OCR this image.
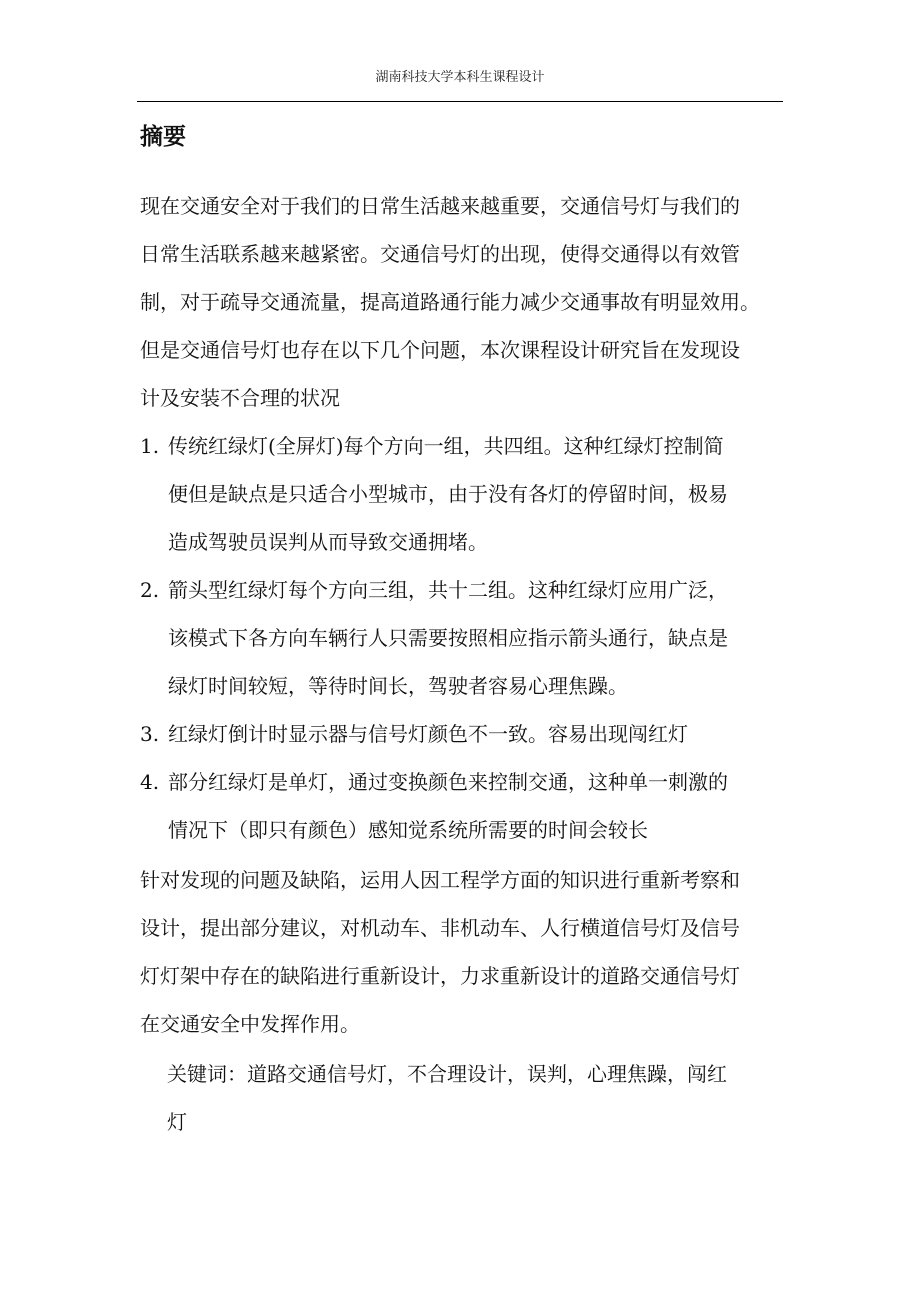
湖南科技大学本科生课程设计
摘要
现在交通安全对于我们的日常生活越来越重要，交通信号灯与我们的
日常生活联系越来越紧密。交通信号灯的出现，使得交通得以有效管
制，对于疏导交通流量，提高道路通行能力减少交通事故有明显效用。
但是交通信号灯也存在以下几个问题，本次课程设计研究旨在发现设
计及安装不合理的状况
1. 传统红绿灯(全屏灯)每个方向一组，共四组。这种红绿灯控制简
便但是缺点是只适合小型城市，由于没有各灯的停留时间，极易
造成驾驶员误判从而导致交通拥堵。
2. 箭头型红绿灯每个方向三组，共十二组。这种红绿灯应用广泛，
该模式下各方向车辆行人只需要按照相应指示箭头通行，缺点是
绿灯时间较短，等待时间长，驾驶者容易心理焦躁。
3. 红绿灯倒计时显示器与信号灯颜色不一致。容易出现闯红灯
4. 部分红绿灯是单灯，通过变换颜色来控制交通，这种单一刺激的
情况下（即只有颜色）感知觉系统所需要的时间会较长
针对发现的问题及缺陷，运用人因工程学方面的知识进行重新考察和
设计，提出部分建议，对机动车、非机动车、人行横道信号灯及信号
灯灯架中存在的缺陷进行重新设计，力求重新设计的道路交通信号灯
在交通安全中发挥作用。
关键词：道路交通信号灯，不合理设计，误判，心理焦躁，闯红
灯
